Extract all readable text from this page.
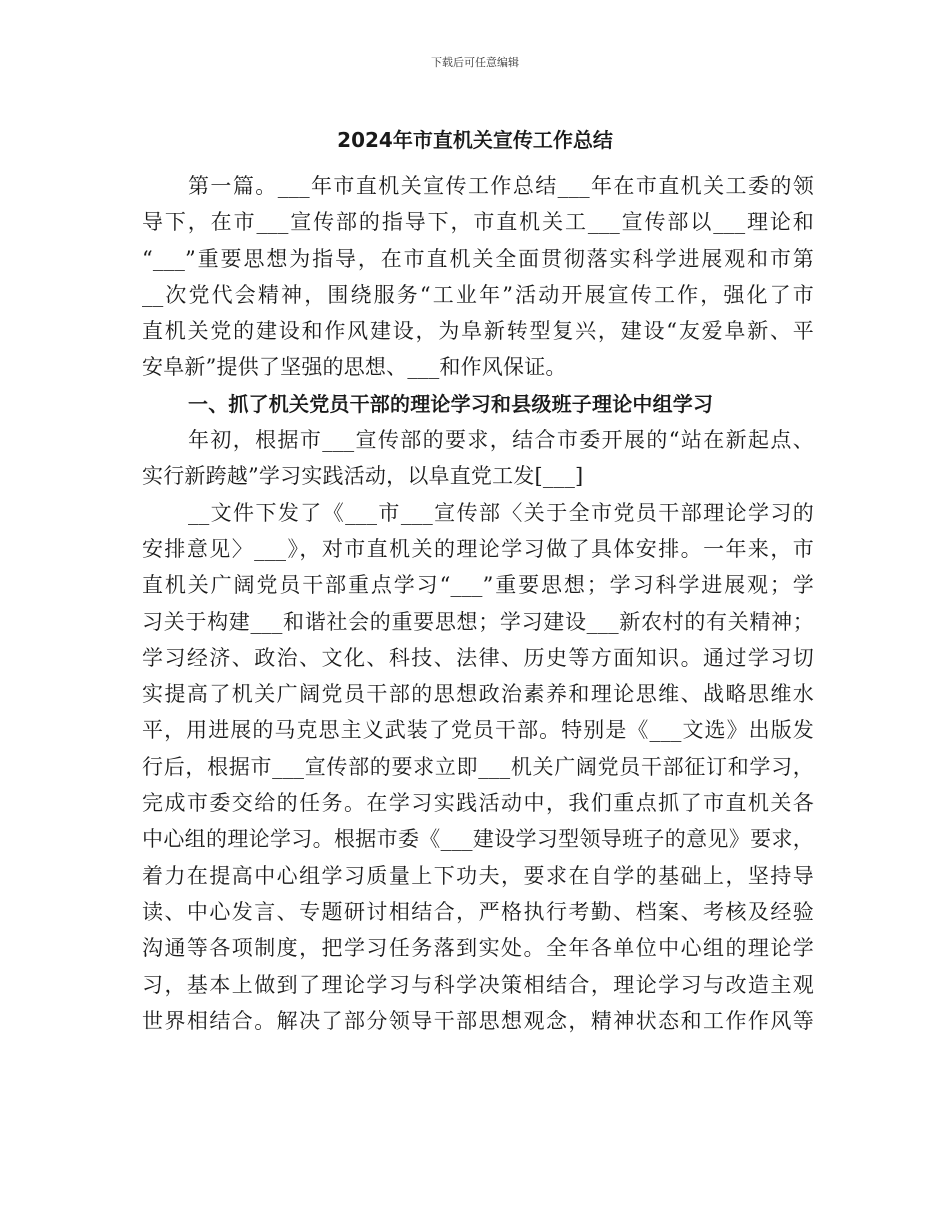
下载后可任意编辑
2024年市直机关宣传工作总结
第一篇。___年市直机关宣传工作总结___年在市直机关工委的领
导下，在市___宣传部的指导下，市直机关工___宣传部以___理论和
“___”重要思想为指导，在市直机关全面贯彻落实科学进展观和市第
__次党代会精神，围绕服务“工业年”活动开展宣传工作，强化了市
直机关党的建设和作风建设，为阜新转型复兴，建设“友爱阜新、平
安阜新”提供了坚强的思想、___和作风保证。
一、抓了机关党员干部的理论学习和县级班子理论中组学习
年初，根据市___宣传部的要求，结合市委开展的“站在新起点、
实行新跨越”学习实践活动，以阜直党工发[___]
__文件下发了《___市___宣传部〈关于全市党员干部理论学习的
安排意见〉___》，对市直机关的理论学习做了具体安排。一年来，市
直机关广阔党员干部重点学习“___”重要思想；学习科学进展观；学
习关于构建___和谐社会的重要思想；学习建设___新农村的有关精神；
学习经济、政治、文化、科技、法律、历史等方面知识。通过学习切
实提高了机关广阔党员干部的思想政治素养和理论思维、战略思维水
平，用进展的马克思主义武装了党员干部。特别是《___文选》出版发
行后，根据市___宣传部的要求立即___机关广阔党员干部征订和学习，
完成市委交给的任务。在学习实践活动中，我们重点抓了市直机关各
中心组的理论学习。根据市委《___建设学习型领导班子的意见》要求，
着力在提高中心组学习质量上下功夫，要求在自学的基础上，坚持导
读、中心发言、专题研讨相结合，严格执行考勤、档案、考核及经验
沟通等各项制度，把学习任务落到实处。全年各单位中心组的理论学
习，基本上做到了理论学习与科学决策相结合，理论学习与改造主观
世界相结合。解决了部分领导干部思想观念，精神状态和工作作风等
